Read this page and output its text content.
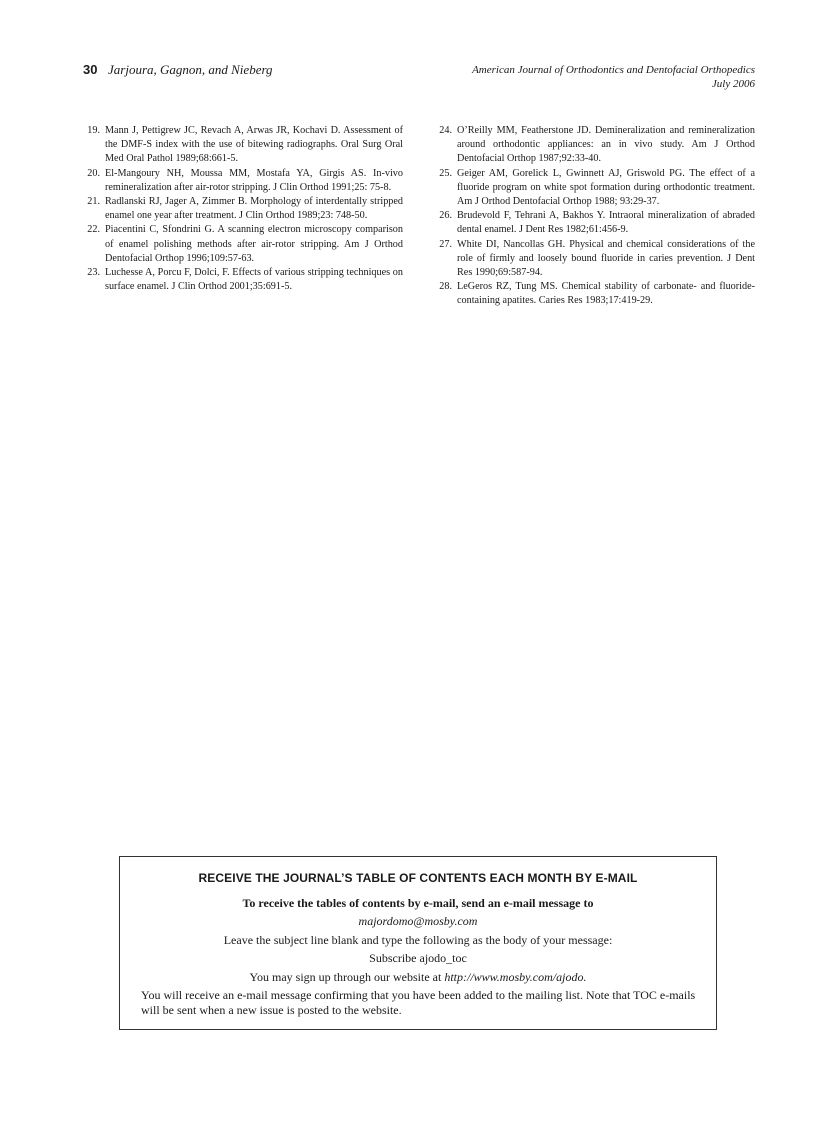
30 Jarjoura, Gagnon, and Nieberg	American Journal of Orthodontics and Dentofacial Orthopedics
July 2006
19. Mann J, Pettigrew JC, Revach A, Arwas JR, Kochavi D. Assessment of the DMF-S index with the use of bitewing radiographs. Oral Surg Oral Med Oral Pathol 1989;68:661-5.
20. El-Mangoury NH, Moussa MM, Mostafa YA, Girgis AS. In-vivo remineralization after air-rotor stripping. J Clin Orthod 1991;25: 75-8.
21. Radlanski RJ, Jager A, Zimmer B. Morphology of interdentally stripped enamel one year after treatment. J Clin Orthod 1989;23: 748-50.
22. Piacentini C, Sfondrini G. A scanning electron microscopy comparison of enamel polishing methods after air-rotor stripping. Am J Orthod Dentofacial Orthop 1996;109:57-63.
23. Luchesse A, Porcu F, Dolci, F. Effects of various stripping techniques on surface enamel. J Clin Orthod 2001;35:691-5.
24. O’Reilly MM, Featherstone JD. Demineralization and remineralization around orthodontic appliances: an in vivo study. Am J Orthod Dentofacial Orthop 1987;92:33-40.
25. Geiger AM, Gorelick L, Gwinnett AJ, Griswold PG. The effect of a fluoride program on white spot formation during orthodontic treatment. Am J Orthod Dentofacial Orthop 1988; 93:29-37.
26. Brudevold F, Tehrani A, Bakhos Y. Intraoral mineralization of abraded dental enamel. J Dent Res 1982;61:456-9.
27. White DI, Nancollas GH. Physical and chemical considerations of the role of firmly and loosely bound fluoride in caries prevention. J Dent Res 1990;69:587-94.
28. LeGeros RZ, Tung MS. Chemical stability of carbonate- and fluoride-containing apatites. Caries Res 1983;17:419-29.
RECEIVE THE JOURNAL’S TABLE OF CONTENTS EACH MONTH BY E-MAIL
To receive the tables of contents by e-mail, send an e-mail message to
majordomo@mosby.com
Leave the subject line blank and type the following as the body of your message:
Subscribe ajodo_toc
You may sign up through our website at http://www.mosby.com/ajodo.
You will receive an e-mail message confirming that you have been added to the mailing list. Note that TOC e-mails will be sent when a new issue is posted to the website.
